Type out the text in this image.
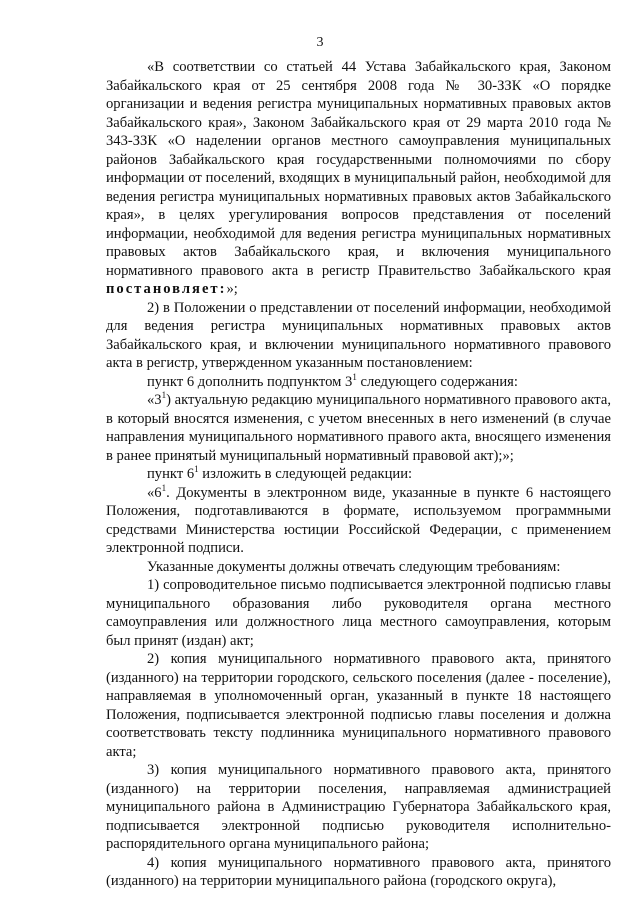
3

«В соответствии со статьей 44 Устава Забайкальского края, Законом Забайкальского края от 25 сентября 2008 года № 30-ЗЗК «О порядке организации и ведения регистра муниципальных нормативных правовых актов Забайкальского края», Законом Забайкальского края от 29 марта 2010 года № 343-ЗЗК «О наделении органов местного самоуправления муниципальных районов Забайкальского края государственными полномочиями по сбору информации от поселений, входящих в муниципальный район, необходимой для ведения регистра муниципальных нормативных правовых актов Забайкальского края», в целях урегулирования вопросов представления от поселений информации, необходимой для ведения регистра муниципальных нормативных правовых актов Забайкальского края, и включения муниципального нормативного правового акта в регистр Правительство Забайкальского края постановляет:»;

2) в Положении о представлении от поселений информации, необходимой для ведения регистра муниципальных нормативных правовых актов Забайкальского края, и включении муниципального нормативного правового акта в регистр, утвержденном указанным постановлением:

пункт 6 дополнить подпунктом $3^1$ следующего содержания:

«$3^1$) актуальную редакцию муниципального нормативного правового акта, в который вносятся изменения, с учетом внесенных в него изменений (в случае направления муниципального нормативного правого акта, вносящего изменения в ранее принятый муниципальный нормативный правовой акт);»;

пункт $6^1$ изложить в следующей редакции:

«$6^1$. Документы в электронном виде, указанные в пункте 6 настоящего Положения, подготавливаются в формате, используемом программными средствами Министерства юстиции Российской Федерации, с применением электронной подписи.

Указанные документы должны отвечать следующим требованиям:

1) сопроводительное письмо подписывается электронной подписью главы муниципального образования либо руководителя органа местного самоуправления или должностного лица местного самоуправления, которым был принят (издан) акт;

2) копия муниципального нормативного правового акта, принятого (изданного) на территории городского, сельского поселения (далее - поселение), направляемая в уполномоченный орган, указанный в пункте 18 настоящего Положения, подписывается электронной подписью главы поселения и должна соответствовать тексту подлинника муниципального нормативного правового акта;

3) копия муниципального нормативного правового акта, принятого (изданного) на территории поселения, направляемая администрацией муниципального района в Администрацию Губернатора Забайкальского края, подписывается электронной подписью руководителя исполнительно-распорядительного органа муниципального района;

4) копия муниципального нормативного правового акта, принятого (изданного) на территории муниципального района (городского округа),
